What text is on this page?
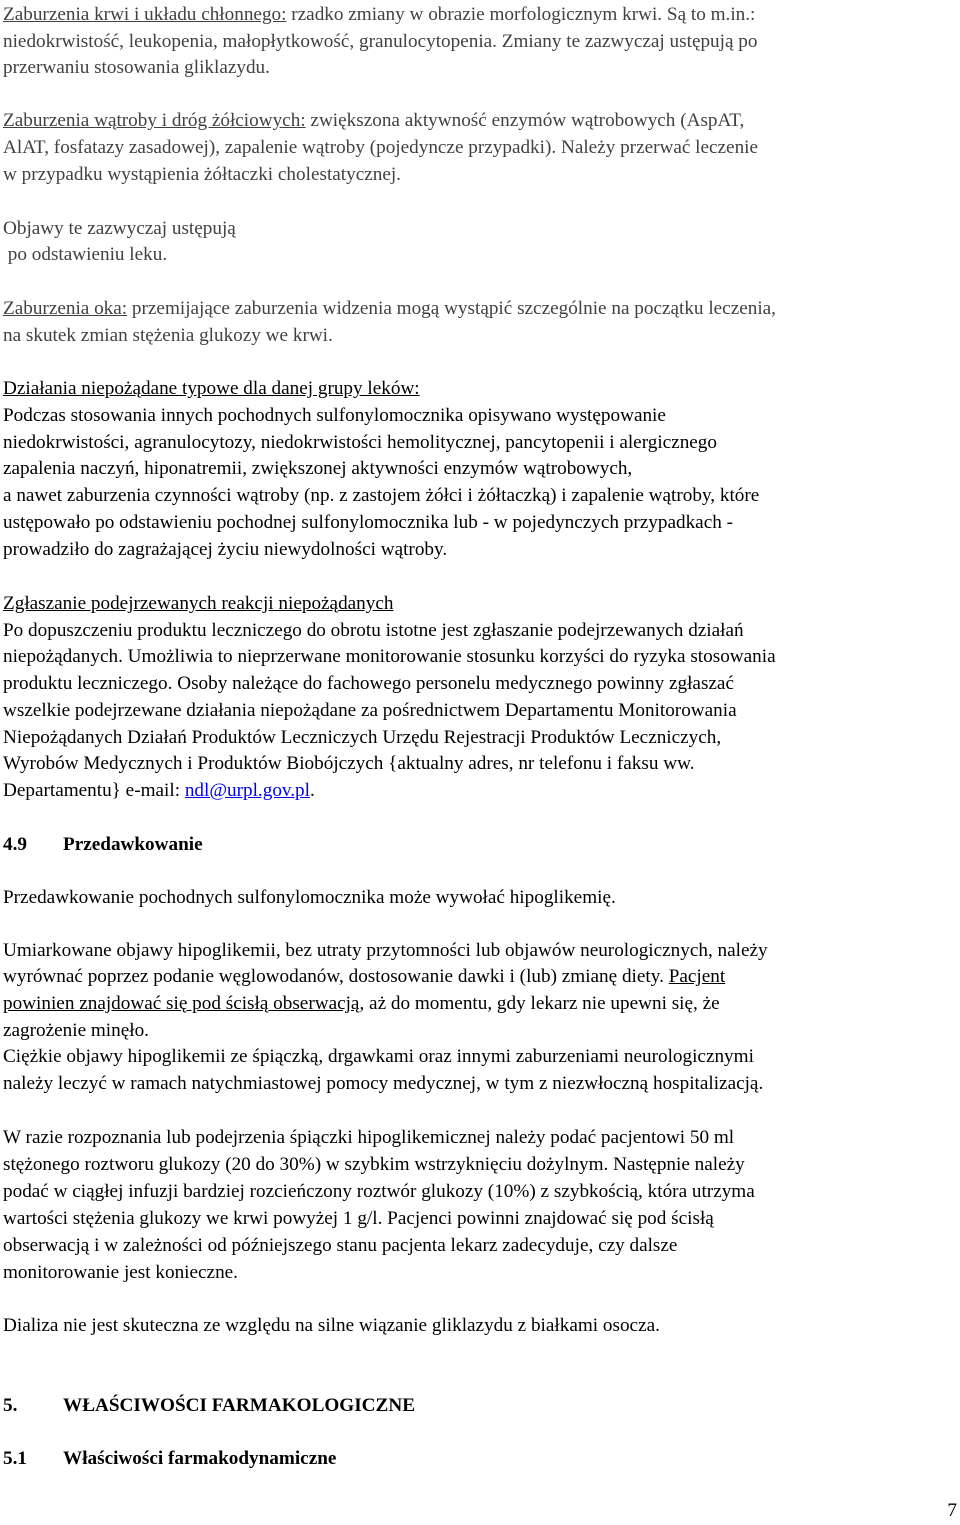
Zaburzenia krwi i układu chłonnego: rzadko zmiany w obrazie morfologicznym krwi. Są to m.in.:
niedokrwistość, leukopenia, małopłytkowość, granulocytopenia. Zmiany te zazwyczaj ustępują po
przerwaniu stosowania gliklazydu.
Zaburzenia wątroby i dróg żółciowych: zwiększona aktywność enzymów wątrobowych (AspAT,
AlAT, fosfatazy zasadowej), zapalenie wątroby (pojedyncze przypadki). Należy przerwać leczenie
w przypadku wystąpienia żółtaczki cholestatycznej.
Objawy te zazwyczaj ustępują
po odstawieniu leku.
Zaburzenia oka: przemijające zaburzenia widzenia mogą wystąpić szczególnie na początku leczenia,
na skutek zmian stężenia glukozy we krwi.
Działania niepożądane typowe dla danej grupy leków:
Podczas stosowania innych pochodnych sulfonylomocznika opisywano występowanie
niedokrwistości, agranulocytozy, niedokrwistości hemolitycznej, pancytopenii i alergicznego
zapalenia naczyń, hiponatremii, zwiększonej aktywności enzymów wątrobowych,
a nawet zaburzenia czynności wątroby (np. z zastojem żółci i żółtaczką) i zapalenie wątroby, które
ustępowało po odstawieniu pochodnej sulfonylomocznika lub - w pojedynczych przypadkach -
prowadziło do zagrażającej życiu niewydolności wątroby.
Zgłaszanie podejrzewanych reakcji niepożądanych
Po dopuszczeniu produktu leczniczego do obrotu istotne jest zgłaszanie podejrzewanych działań
niepożądanych. Umożliwia to nieprzerwane monitorowanie stosunku korzyści do ryzyka stosowania
produktu leczniczego. Osoby należące do fachowego personelu medycznego powinny zgłaszać
wszelkie podejrzewane działania niepożądane za pośrednictwem Departamentu Monitorowania
Niepożądanych Działań Produktów Leczniczych Urzędu Rejestracji Produktów Leczniczych,
Wyrobów Medycznych i Produktów Biobójczych {aktualny adres, nr telefonu i faksu ww.
Departamentu} e-mail: ndl@urpl.gov.pl.
4.9 Przedawkowanie
Przedawkowanie pochodnych sulfonylomocznika może wywołać hipoglikemię.
Umiarkowane objawy hipoglikemii, bez utraty przytomności lub objawów neurologicznych, należy
wyrównać poprzez podanie węglowodanów, dostosowanie dawki i (lub) zmianę diety. Pacjent
powinien znajdować się pod ścisłą obserwacją, aż do momentu, gdy lekarz nie upewni się, że
zagrożenie minęło.
Ciężkie objawy hipoglikemii ze śpiączką, drgawkami oraz innymi zaburzeniami neurologicznymi
należy leczyć w ramach natychmiastowej pomocy medycznej, w tym z niezwłoczną hospitalizacją.
W razie rozpoznania lub podejrzenia śpiączki hipoglikemicznej należy podać pacjentowi 50 ml
stężonego roztworu glukozy (20 do 30%) w szybkim wstrzyknięciu dożylnym. Następnie należy
podać w ciągłej infuzji bardziej rozcieńczony roztwór glukozy (10%) z szybkością, która utrzyma
wartości stężenia glukozy we krwi powyżej 1 g/l. Pacjenci powinni znajdować się pod ścisłą
obserwacją i w zależności od późniejszego stanu pacjenta lekarz zadecyduje, czy dalsze
monitorowanie jest konieczne.
Dializa nie jest skuteczna ze względu na silne wiązanie gliklazydu z białkami osocza.
5. WŁAŚCIWOŚCI FARMAKOLOGICZNE
5.1 Właściwości farmakodynamiczne
7
